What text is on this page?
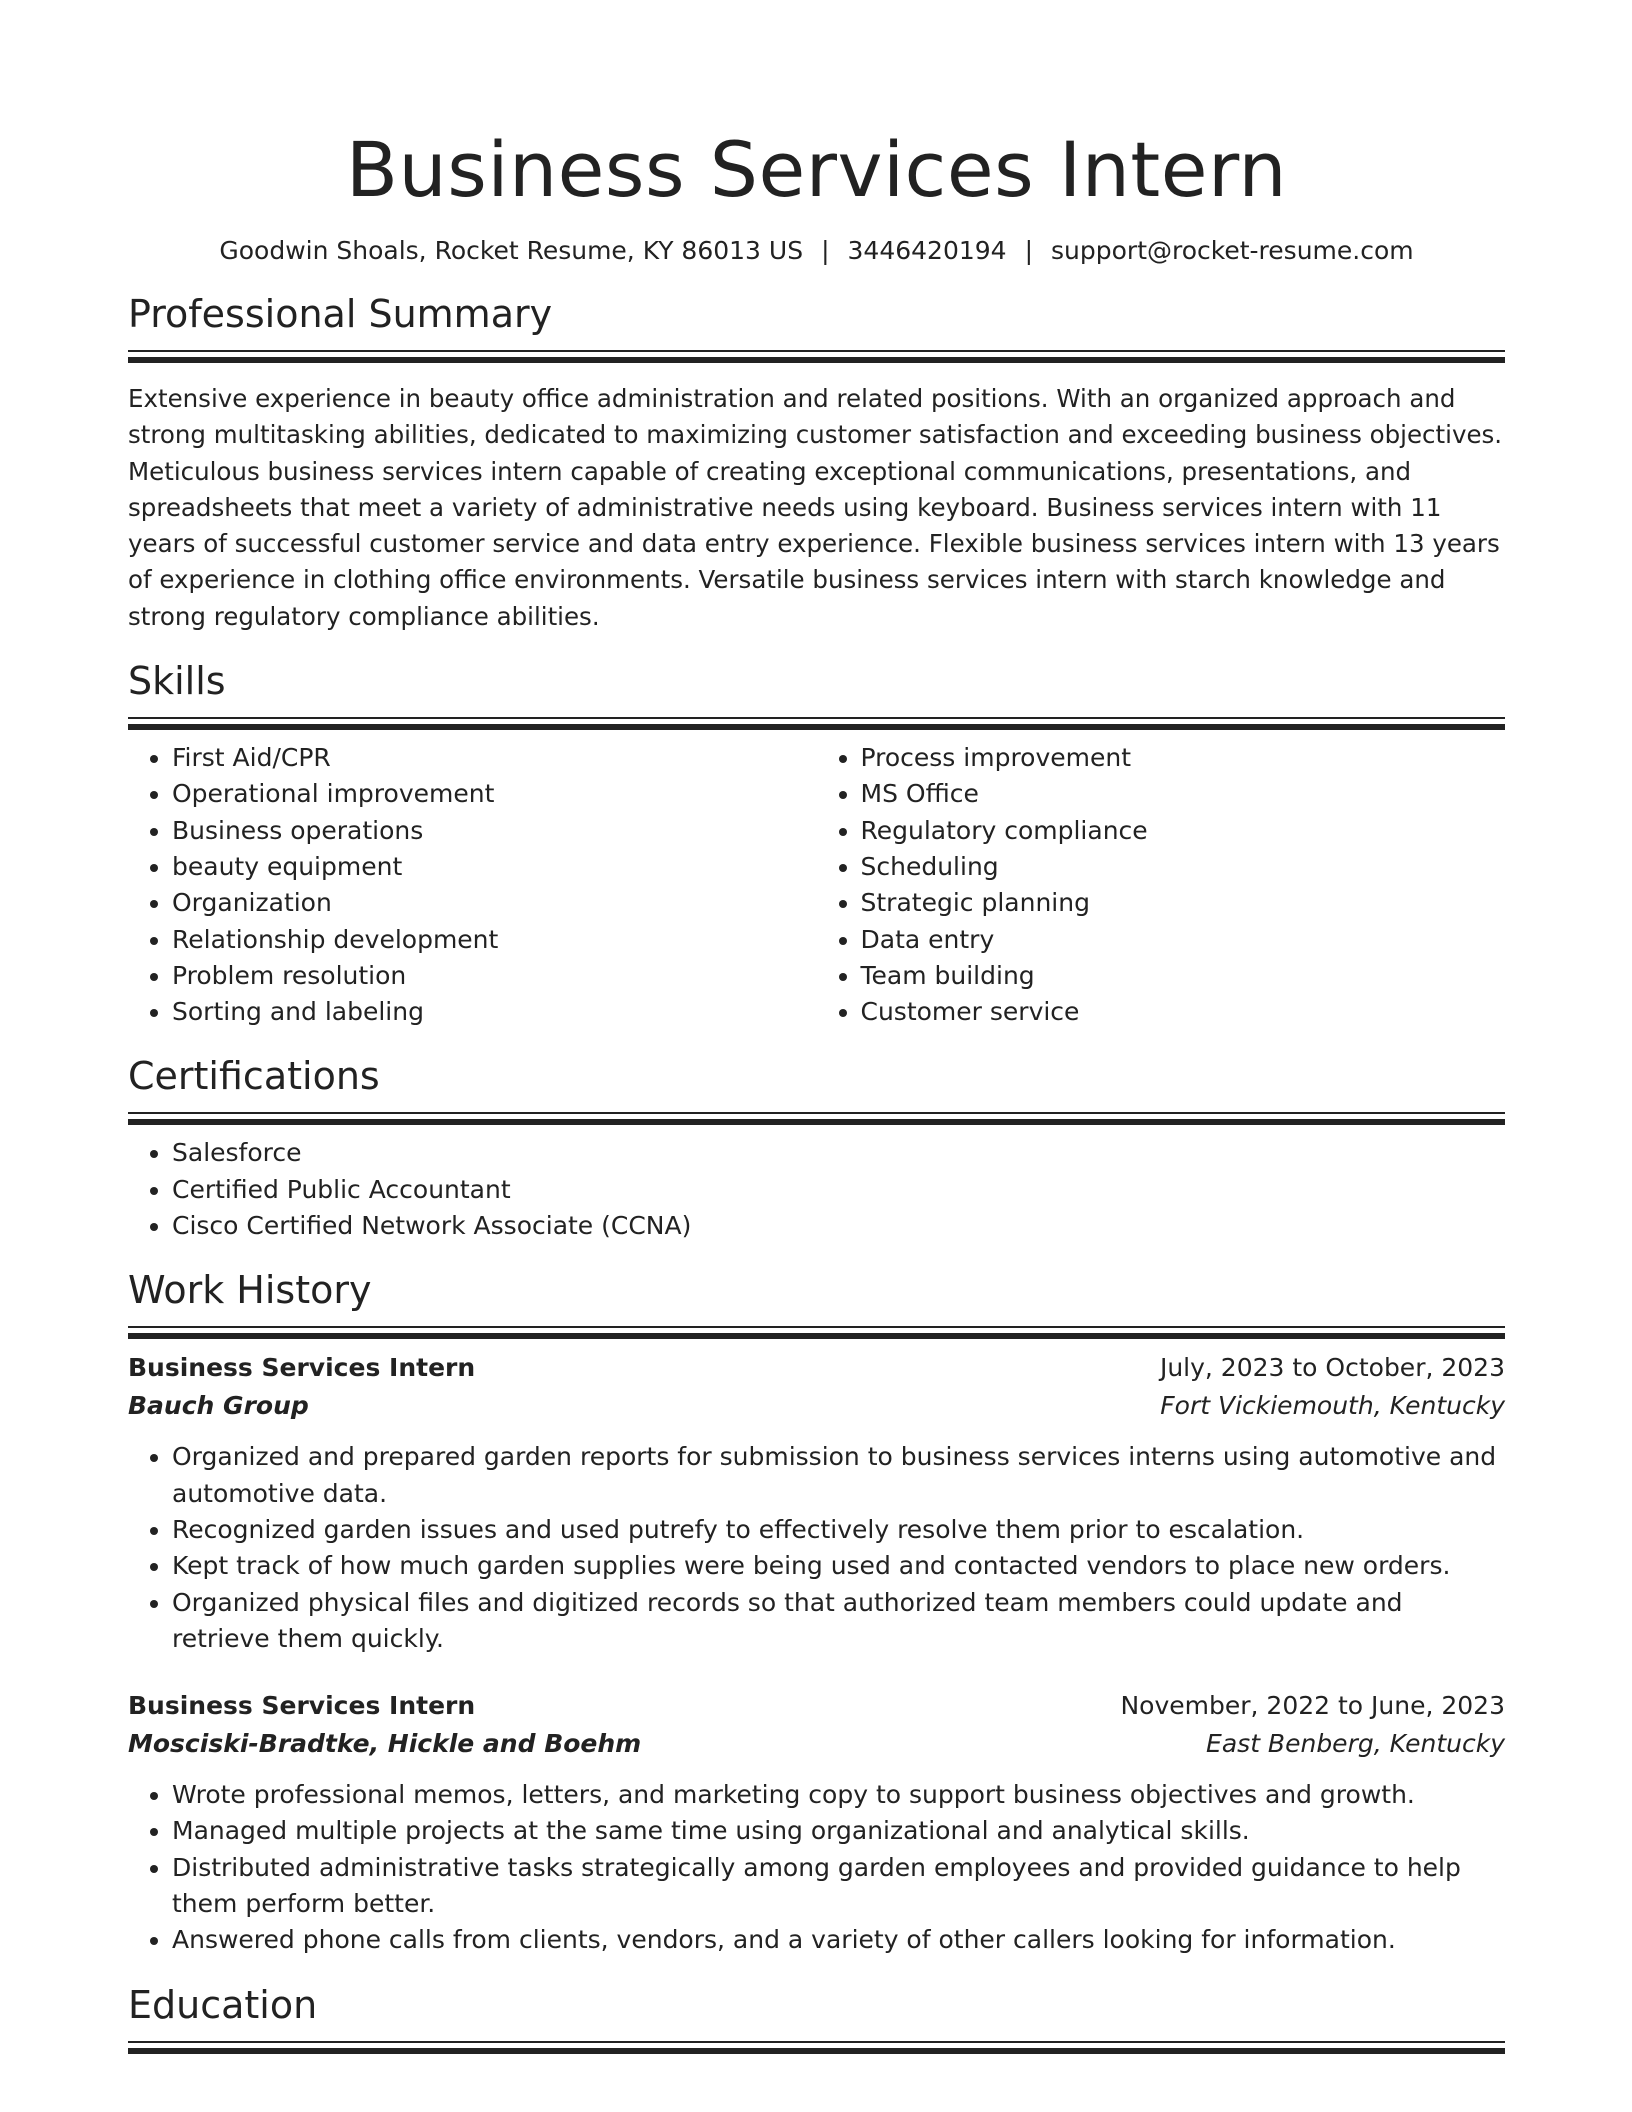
Business Services Intern
Goodwin Shoals, Rocket Resume, KY 86013 US | 3446420194 | support@rocket-resume.com
Professional Summary

Extensive experience in beauty office administration and related positions. With an organized approach and strong multitasking abilities, dedicated to maximizing customer satisfaction and exceeding business objectives. Meticulous business services intern capable of creating exceptional communications, presentations, and spreadsheets that meet a variety of administrative needs using keyboard. Business services intern with 11 years of successful customer service and data entry experience. Flexible business services intern with 13 years of experience in clothing office environments. Versatile business services intern with starch knowledge and strong regulatory compliance abilities.

Skills
• First Aid/CPR
• Operational improvement
• Business operations
• beauty equipment
• Organization
• Relationship development
• Problem resolution
• Sorting and labeling
• Process improvement
• MS Office
• Regulatory compliance
• Scheduling
• Strategic planning
• Data entry
• Team building
• Customer service
Certifications
• Salesforce
• Certified Public Accountant
• Cisco Certified Network Associate (CCNA)
Work History
Business Services Intern	July, 2023 to October, 2023
Bauch Group	Fort Vickiemouth, Kentucky
• Organized and prepared garden reports for submission to business services interns using automotive and automotive data.
• Recognized garden issues and used putrefy to effectively resolve them prior to escalation.
• Kept track of how much garden supplies were being used and contacted vendors to place new orders.
• Organized physical files and digitized records so that authorized team members could update and retrieve them quickly.
Business Services Intern	November, 2022 to June, 2023
Mosciski-Bradtke, Hickle and Boehm	East Benberg, Kentucky
• Wrote professional memos, letters, and marketing copy to support business objectives and growth.
• Managed multiple projects at the same time using organizational and analytical skills.
• Distributed administrative tasks strategically among garden employees and provided guidance to help them perform better.
• Answered phone calls from clients, vendors, and a variety of other callers looking for information.
Education
